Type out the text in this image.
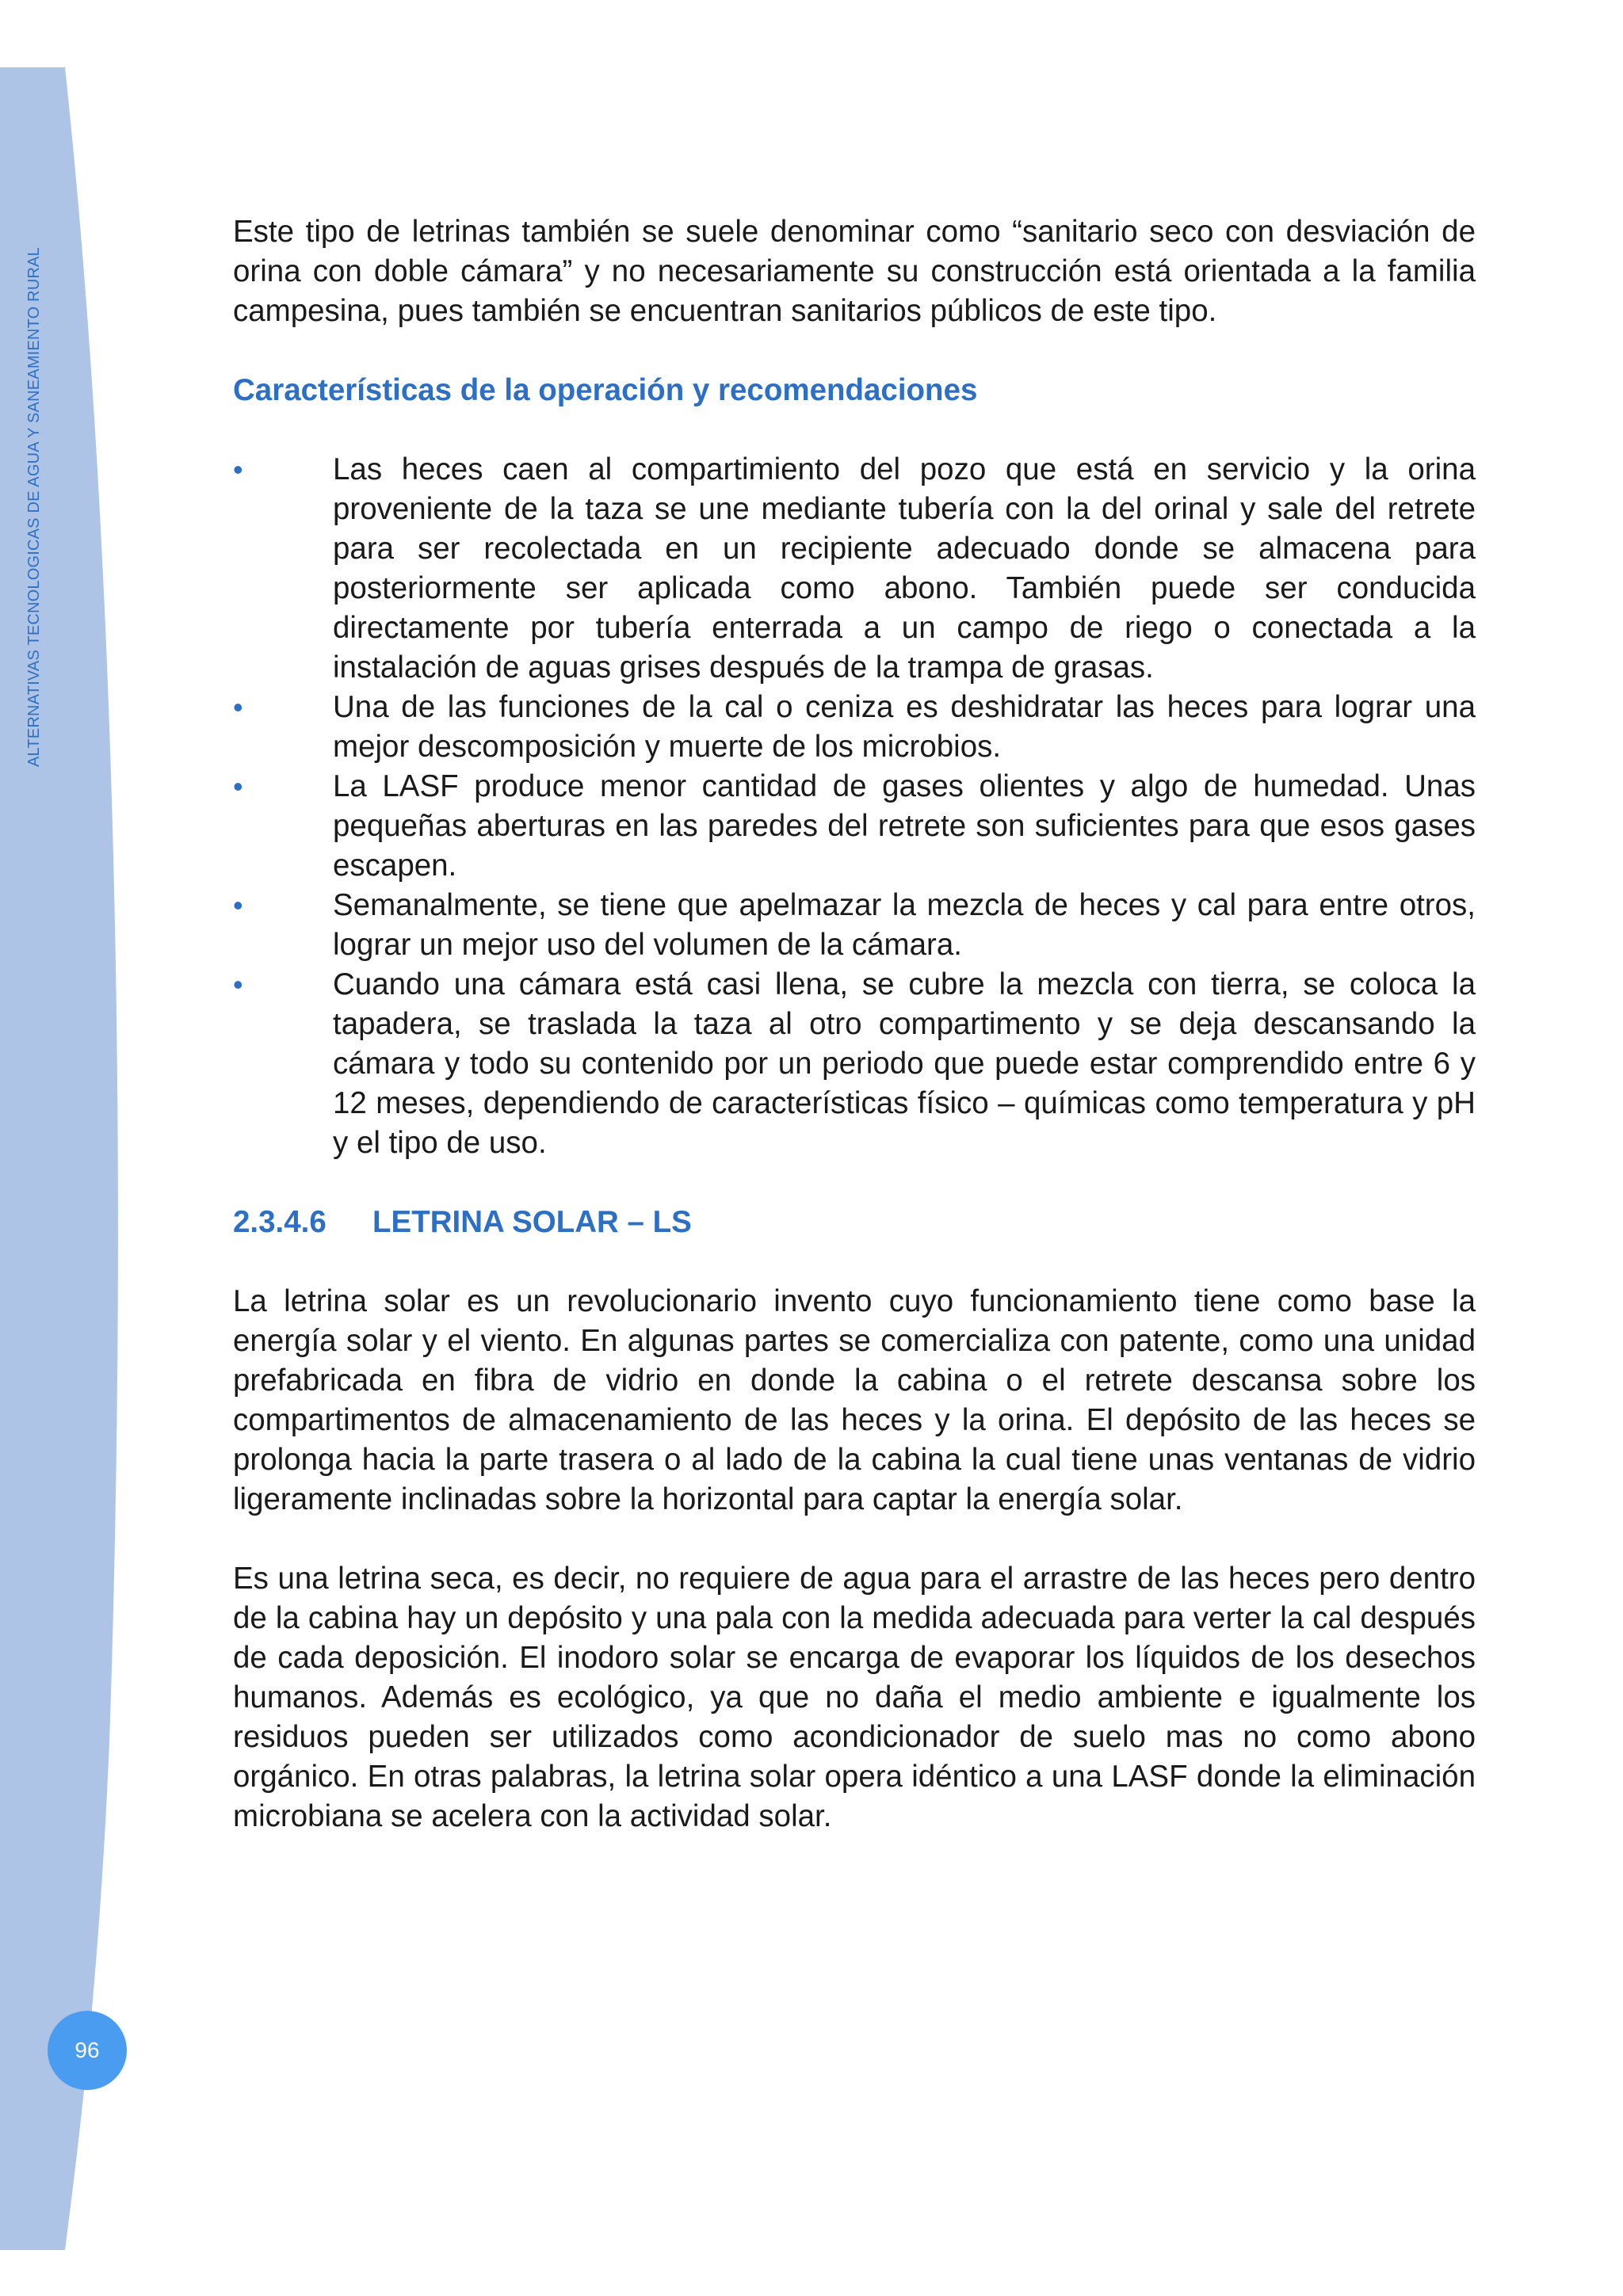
ALTERNATIVAS TECNOLOGICAS DE AGUA Y SANEAMIENTO RURAL
96

Este tipo de letrinas también se suele denominar como “sanitario seco con desviación de orina con doble cámara” y no necesariamente su construcción está orientada a la familia campesina, pues también se encuentran sanitarios públicos de este tipo.

Características de la operación y recomendaciones
•	Las heces caen al compartimiento del pozo que está en servicio y la orina proveniente de la taza se une mediante tubería con la del orinal y sale del retrete para ser recolectada en un recipiente adecuado donde se almacena para posteriormente ser aplicada como abono. También puede ser conducida directamente por tubería enterrada a un campo de riego o conectada a la instalación de aguas grises después de la trampa de grasas.
•	Una de las funciones de la cal o ceniza es deshidratar las heces para lograr una mejor descomposición y muerte de los microbios.
•	La LASF produce menor cantidad de gases olientes y algo de humedad. Unas pequeñas aberturas en las paredes del retrete son suficientes para que esos gases escapen.
•	Semanalmente, se tiene que apelmazar la mezcla de heces y cal para entre otros, lograr un mejor uso del volumen de la cámara.
•	Cuando una cámara está casi llena, se cubre la mezcla con tierra, se coloca la tapadera, se traslada la taza al otro compartimento y se deja descansando la cámara y todo su contenido por un periodo que puede estar comprendido entre 6 y 12 meses, dependiendo de características físico – químicas como temperatura y pH y el tipo de uso.
2.3.4.6	LETRINA SOLAR – LS

La letrina solar es un revolucionario invento cuyo funcionamiento tiene como base la energía solar y el viento. En algunas partes se comercializa con patente, como una unidad prefabricada en fibra de vidrio en donde la cabina o el retrete descansa sobre los compartimentos de almacenamiento de las heces y la orina. El depósito de las heces se prolonga hacia la parte trasera o al lado de la cabina la cual tiene unas ventanas de vidrio ligeramente inclinadas sobre la horizontal para captar la energía solar.

Es una letrina seca, es decir, no requiere de agua para el arrastre de las heces pero dentro de la cabina hay un depósito y una pala con la medida adecuada para verter la cal después de cada deposición. El inodoro solar se encarga de evaporar los líquidos de los desechos humanos. Además es ecológico, ya que no daña el medio ambiente e igualmente los residuos pueden ser utilizados como acondicionador de suelo mas no como abono orgánico. En otras palabras, la letrina solar opera idéntico a una LASF donde la eliminación microbiana se acelera con la actividad solar.
